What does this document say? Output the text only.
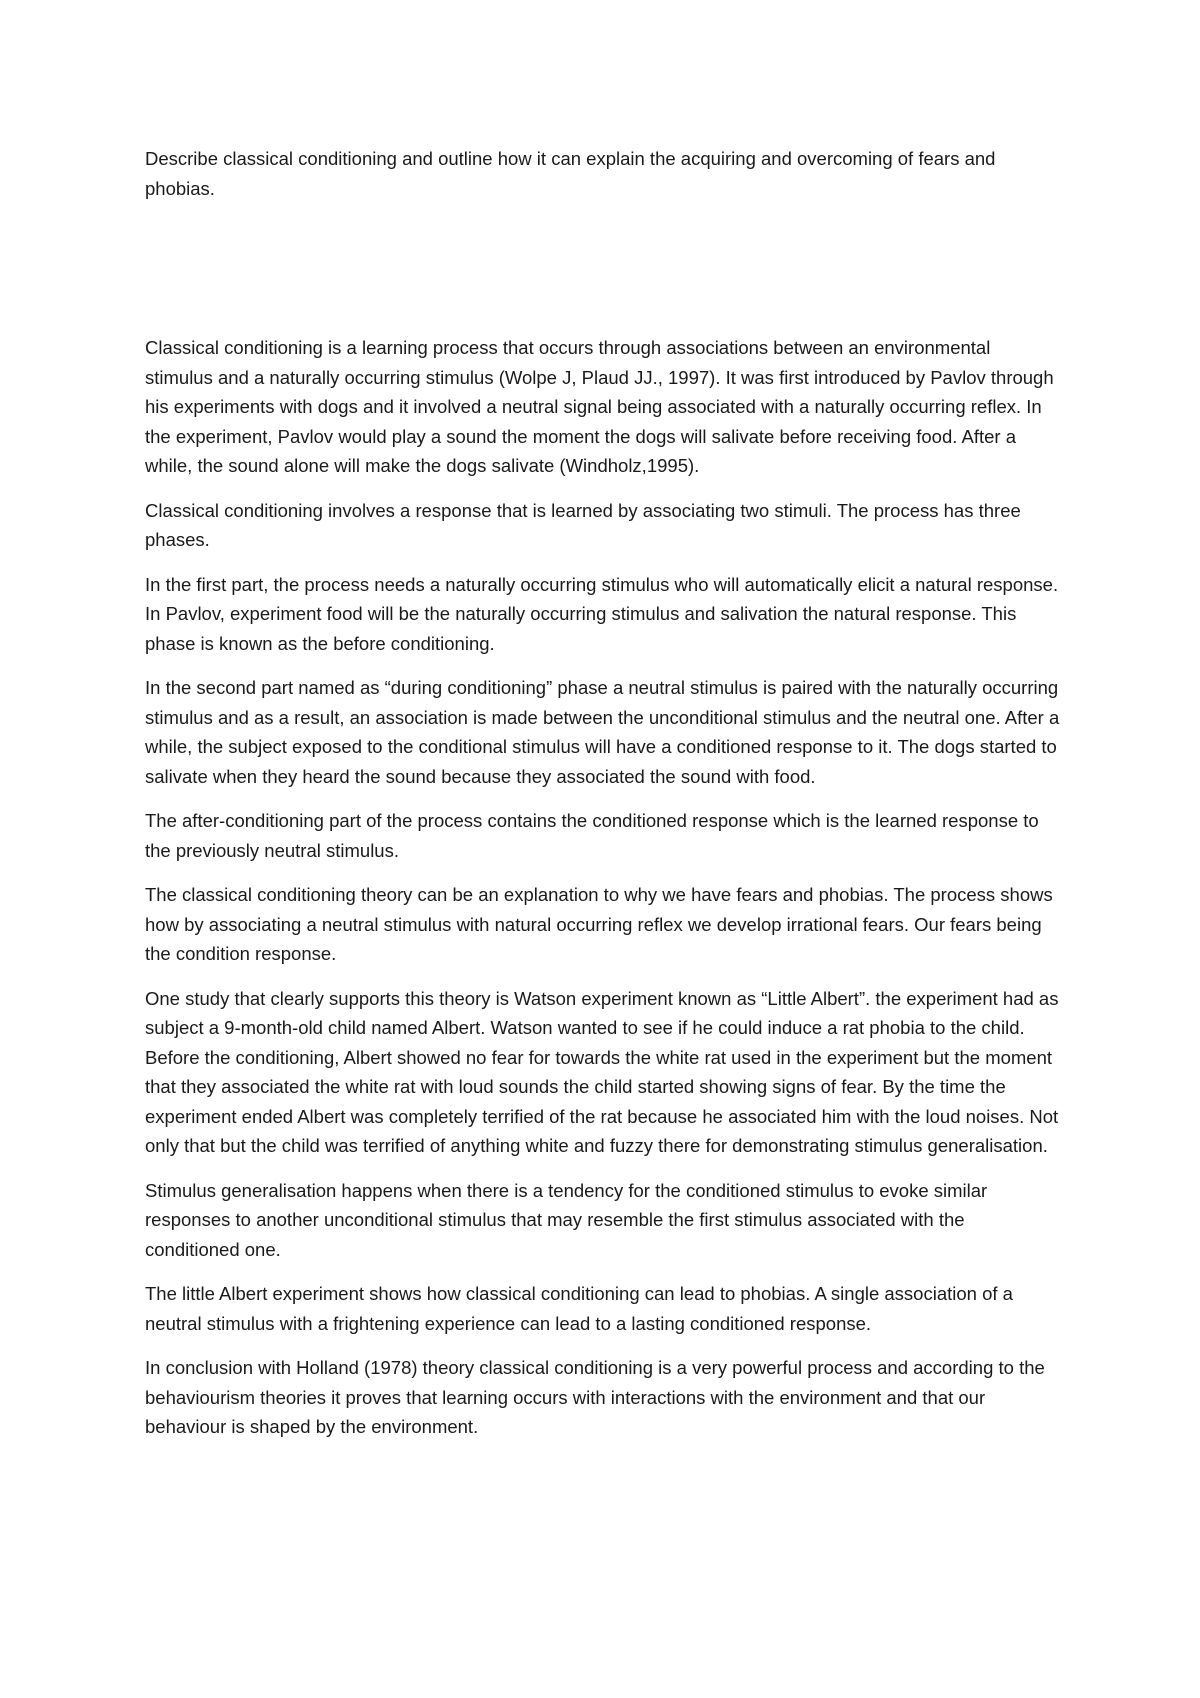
Describe classical conditioning and outline how it can explain the acquiring and overcoming of fears and phobias.

Classical conditioning is a learning process that occurs through associations between an environmental stimulus and a naturally occurring stimulus (Wolpe J, Plaud JJ., 1997). It was first introduced by Pavlov through his experiments with dogs and it involved a neutral signal being associated with a naturally occurring reflex. In the experiment, Pavlov would play a sound the moment the dogs will salivate before receiving food. After a while, the sound alone will make the dogs salivate (Windholz,1995).

Classical conditioning involves a response that is learned by associating two stimuli. The process has three phases.

In the first part, the process needs a naturally occurring stimulus who will automatically elicit a natural response. In Pavlov, experiment food will be the naturally occurring stimulus and salivation the natural response. This phase is known as the before conditioning.

In the second part named as “during conditioning” phase a neutral stimulus is paired with the naturally occurring stimulus and as a result, an association is made between the unconditional stimulus and the neutral one. After a while, the subject exposed to the conditional stimulus will have a conditioned response to it. The dogs started to salivate when they heard the sound because they associated the sound with food.

The after-conditioning part of the process contains the conditioned response which is the learned response to the previously neutral stimulus.

The classical conditioning theory can be an explanation to why we have fears and phobias. The process shows how by associating a neutral stimulus with natural occurring reflex we develop irrational fears. Our fears being the condition response.

One study that clearly supports this theory is Watson experiment known as “Little Albert”. the experiment had as subject a 9-month-old child named Albert. Watson wanted to see if he could induce a rat phobia to the child. Before the conditioning, Albert showed no fear for towards the white rat used in the experiment but the moment that they associated the white rat with loud sounds the child started showing signs of fear. By the time the experiment ended Albert was completely terrified of the rat because he associated him with the loud noises. Not only that but the child was terrified of anything white and fuzzy there for demonstrating stimulus generalisation.

Stimulus generalisation happens when there is a tendency for the conditioned stimulus to evoke similar responses to another unconditional stimulus that may resemble the first stimulus associated with the conditioned one.

The little Albert experiment shows how classical conditioning can lead to phobias. A single association of a neutral stimulus with a frightening experience can lead to a lasting conditioned response.

In conclusion with Holland (1978) theory classical conditioning is a very powerful process and according to the behaviourism theories it proves that learning occurs with interactions with the environment and that our behaviour is shaped by the environment.
